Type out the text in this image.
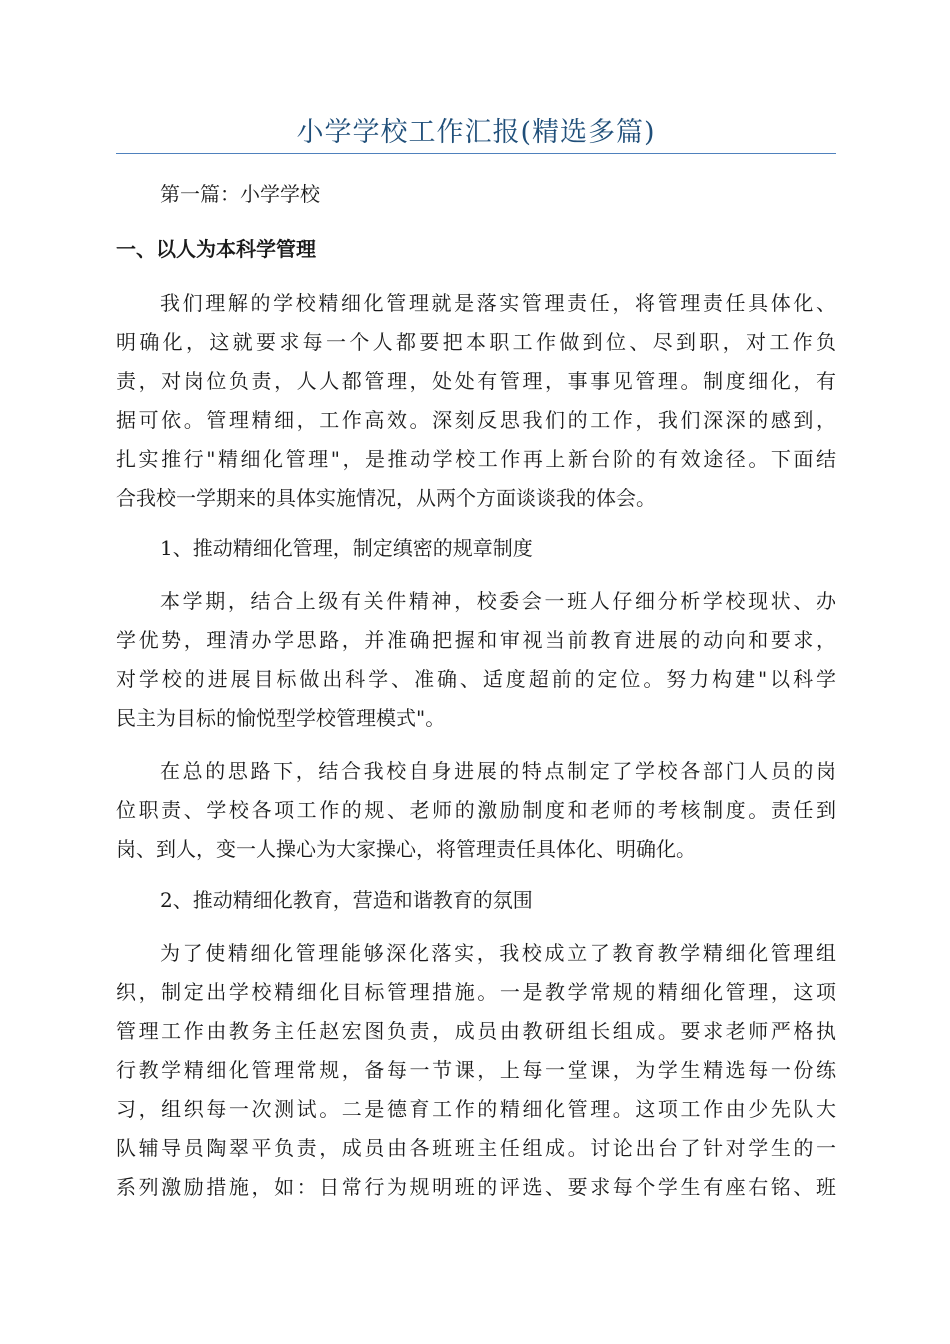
小学学校工作汇报(精选多篇)
第一篇：小学学校
一、以人为本科学管理
我们理解的学校精细化管理就是落实管理责任，将管理责任具体化、
明确化，这就要求每一个人都要把本职工作做到位、尽到职，对工作负
责，对岗位负责，人人都管理，处处有管理，事事见管理。制度细化，有
据可依。管理精细，工作高效。深刻反思我们的工作，我们深深的感到，
扎实推行"精细化管理"，是推动学校工作再上新台阶的有效途径。下面结
合我校一学期来的具体实施情况，从两个方面谈谈我的体会。
1、推动精细化管理，制定缜密的规章制度
本学期，结合上级有关件精神，校委会一班人仔细分析学校现状、办
学优势，理清办学思路，并准确把握和审视当前教育进展的动向和要求，
对学校的进展目标做出科学、准确、适度超前的定位。努力构建"以科学
民主为目标的愉悦型学校管理模式"。
在总的思路下，结合我校自身进展的特点制定了学校各部门人员的岗
位职责、学校各项工作的规、老师的激励制度和老师的考核制度。责任到
岗、到人，变一人操心为大家操心，将管理责任具体化、明确化。
2、推动精细化教育，营造和谐教育的氛围
为了使精细化管理能够深化落实，我校成立了教育教学精细化管理组
织，制定出学校精细化目标管理措施。一是教学常规的精细化管理，这项
管理工作由教务主任赵宏图负责，成员由教研组长组成。要求老师严格执
行教学精细化管理常规，备每一节课，上每一堂课，为学生精选每一份练
习，组织每一次测试。二是德育工作的精细化管理。这项工作由少先队大
队辅导员陶翠平负责，成员由各班班主任组成。讨论出台了针对学生的一
系列激励措施，如：日常行为规明班的评选、要求每个学生有座右铭、班
